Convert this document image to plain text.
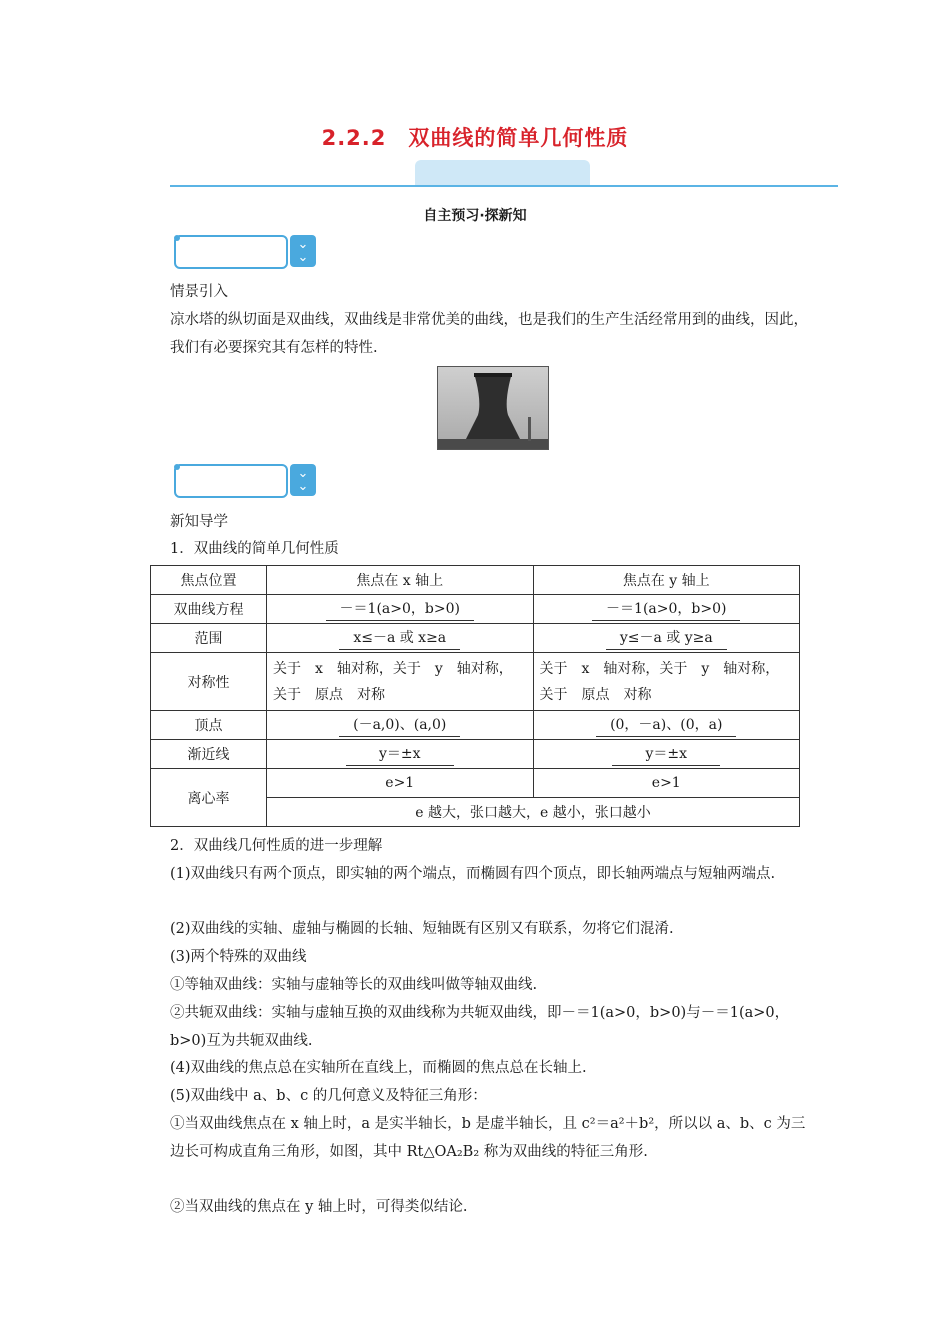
2.2.2　双曲线的简单几何性质
自主预习·探新知
⌄
⌄
情景引入
凉水塔的纵切面是双曲线，双曲线是非常优美的曲线，也是我们的生产生活经常用到的曲线，因此，我们有必要探究其有怎样的特性.
⌄
⌄
新知导学
1．双曲线的简单几何性质
焦点位置	焦点在 x 轴上	焦点在 y 轴上
双曲线方程	－＝1(a>0，b>0)	－＝1(a>0，b>0)
范围	x≤－a 或 x≥a	y≤－a 或 y≥a
对称性	关于　x　轴对称，关于　y　轴对称，关于　原点　对称	关于　x　轴对称，关于　y　轴对称，关于　原点　对称
顶点	(－a,0)、(a,0)	(0，－a)、(0，a)
渐近线	y＝±x	y＝±x
离心率	e>1	e>1
	e 越大，张口越大，e 越小，张口越小	
2．双曲线几何性质的进一步理解
(1)双曲线只有两个顶点，即实轴的两个端点，而椭圆有四个顶点，即长轴两端点与短轴两端点.
(2)双曲线的实轴、虚轴与椭圆的长轴、短轴既有区别又有联系，勿将它们混淆.
(3)两个特殊的双曲线
①等轴双曲线：实轴与虚轴等长的双曲线叫做等轴双曲线.
②共轭双曲线：实轴与虚轴互换的双曲线称为共轭双曲线，即－＝1(a>0，b>0)与－＝1(a>0，b>0)互为共轭双曲线.
(4)双曲线的焦点总在实轴所在直线上，而椭圆的焦点总在长轴上.
(5)双曲线中 a、b、c 的几何意义及特征三角形：
①当双曲线焦点在 x 轴上时，a 是实半轴长，b 是虚半轴长，且 c²＝a²＋b²，所以以 a、b、c 为三边长可构成直角三角形，如图，其中 Rt△OA₂B₂ 称为双曲线的特征三角形.
②当双曲线的焦点在 y 轴上时，可得类似结论.
